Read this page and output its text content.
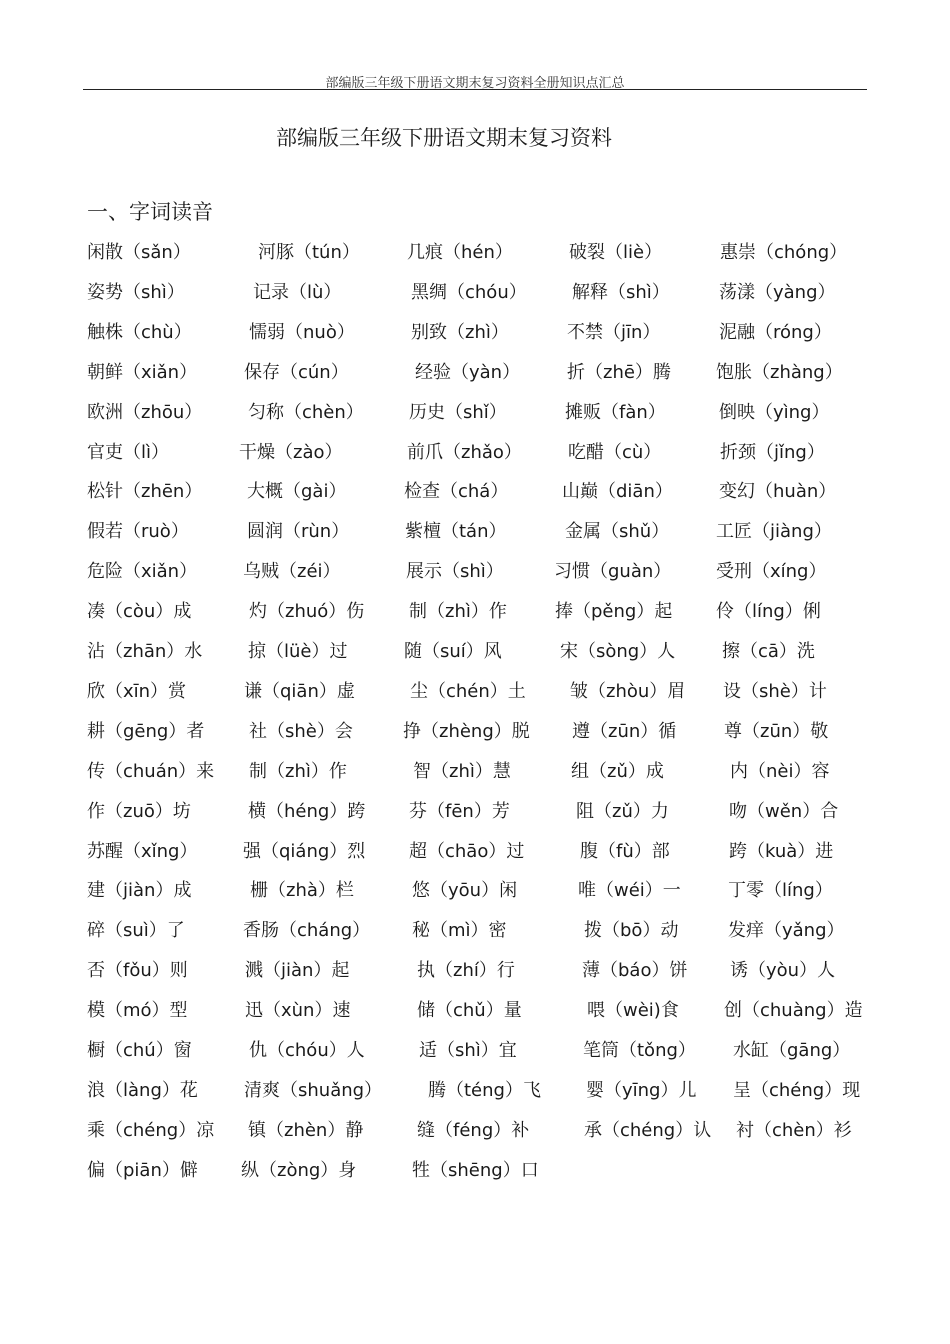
部编版三年级下册语文期末复习资料全册知识点汇总
部编版三年级下册语文期末复习资料
一、字词读音
闲散（sǎn）	河豚（tún）	几痕（hén）	破裂（liè）	惠崇（chóng）
姿势（shì）	记录（lù）	黑绸（chóu）	解释（shì）	荡漾（yàng）
触株（chù）	懦弱（nuò）	别致（zhì）	不禁（jīn）	泥融（róng）
朝鲜（xiǎn）	保存（cún）	经验（yàn）	折（zhē）腾	饱胀（zhàng）
欧洲（zhōu）	匀称（chèn）	历史（shǐ）	摊贩（fàn）	倒映（yìng）
官吏（lì）	干燥（zào）	前爪（zhǎo）	吃醋（cù）	折颈（jǐng）
松针（zhēn） 大概（gài）	检查（chá）	山巅（diān）	变幻（huàn）
假若（ruò）	圆润（rùn）	紫檀（tán）	金属（shǔ）	工匠（jiàng）
危险（xiǎn）	乌贼（zéi）	展示（shì）	习惯（guàn） 受刑（xíng）
凑（còu）成	灼（zhuó）伤 制（zhì）作	捧（pěng）起 伶（líng）俐
沾（zhān）水	掠（lüè）过	随（suí）风	宋（sòng）人	擦（cā）洗
欣（xīn）赏	谦（qiān）虚	尘（chén）土 皱（zhòu）眉 设（shè）计
耕（gēng）者 社（shè）会	挣（zhèng）脱 遵（zūn）循	尊（zūn）敬
传（chuán）来 制（zhì）作	智（zhì）慧	组（zǔ）成	内（nèi）容
作（zuō）坊	横（héng）跨 芬（fēn）芳	阻（zǔ）力	吻（wěn）合
苏醒（xǐng）	强（qiáng）烈 超（chāo）过	腹（fù）部	跨（kuà）进
建（jiàn）成	栅（zhà）栏	悠（yōu）闲	唯（wéi）一	丁零（líng）
碎（suì）了	香肠（cháng） 秘（mì）密	拨（bō）动	发痒（yǎng）
否（fǒu）则	溅（jiàn）起	执（zhí）行	薄（báo）饼 诱（yòu）人
模（mó）型	迅（xùn）速	储（chǔ）量	喂（wèi)食	创（chuàng）造
橱（chú）窗	仇（chóu）人	适（shì）宜	笔筒（tǒng） 水缸（gāng）
浪（làng）花	清爽（shuǎng）	腾（téng）飞	婴（yīng）儿 呈（chéng）现
乘（chéng）凉 镇（zhèn）静	缝（féng）补	承（chéng）认 衬（chèn）衫
偏（piān）僻 纵（zòng）身	牲（shēng）口
